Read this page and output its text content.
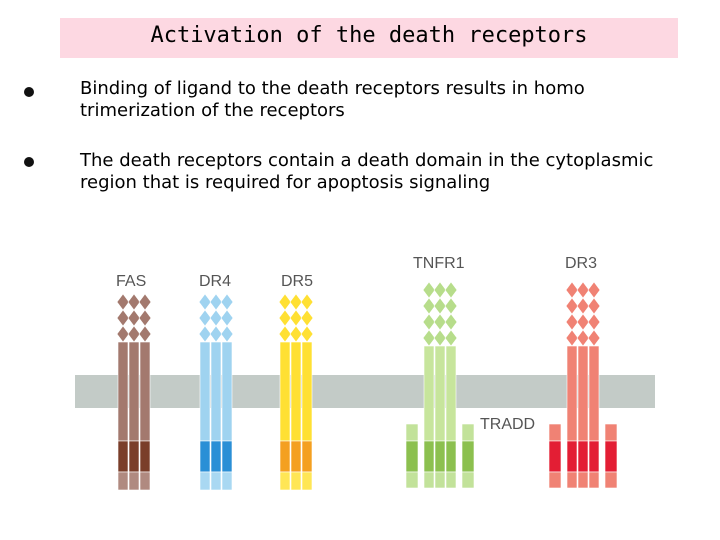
Activation of the death receptors
Binding of ligand to the death receptors results in homo
trimerization of the receptors
The death receptors contain a death domain in the cytoplasmic
region that is required for apoptosis signaling
FAS	DR4	DR5
TNFR1	DR3
TRADD
